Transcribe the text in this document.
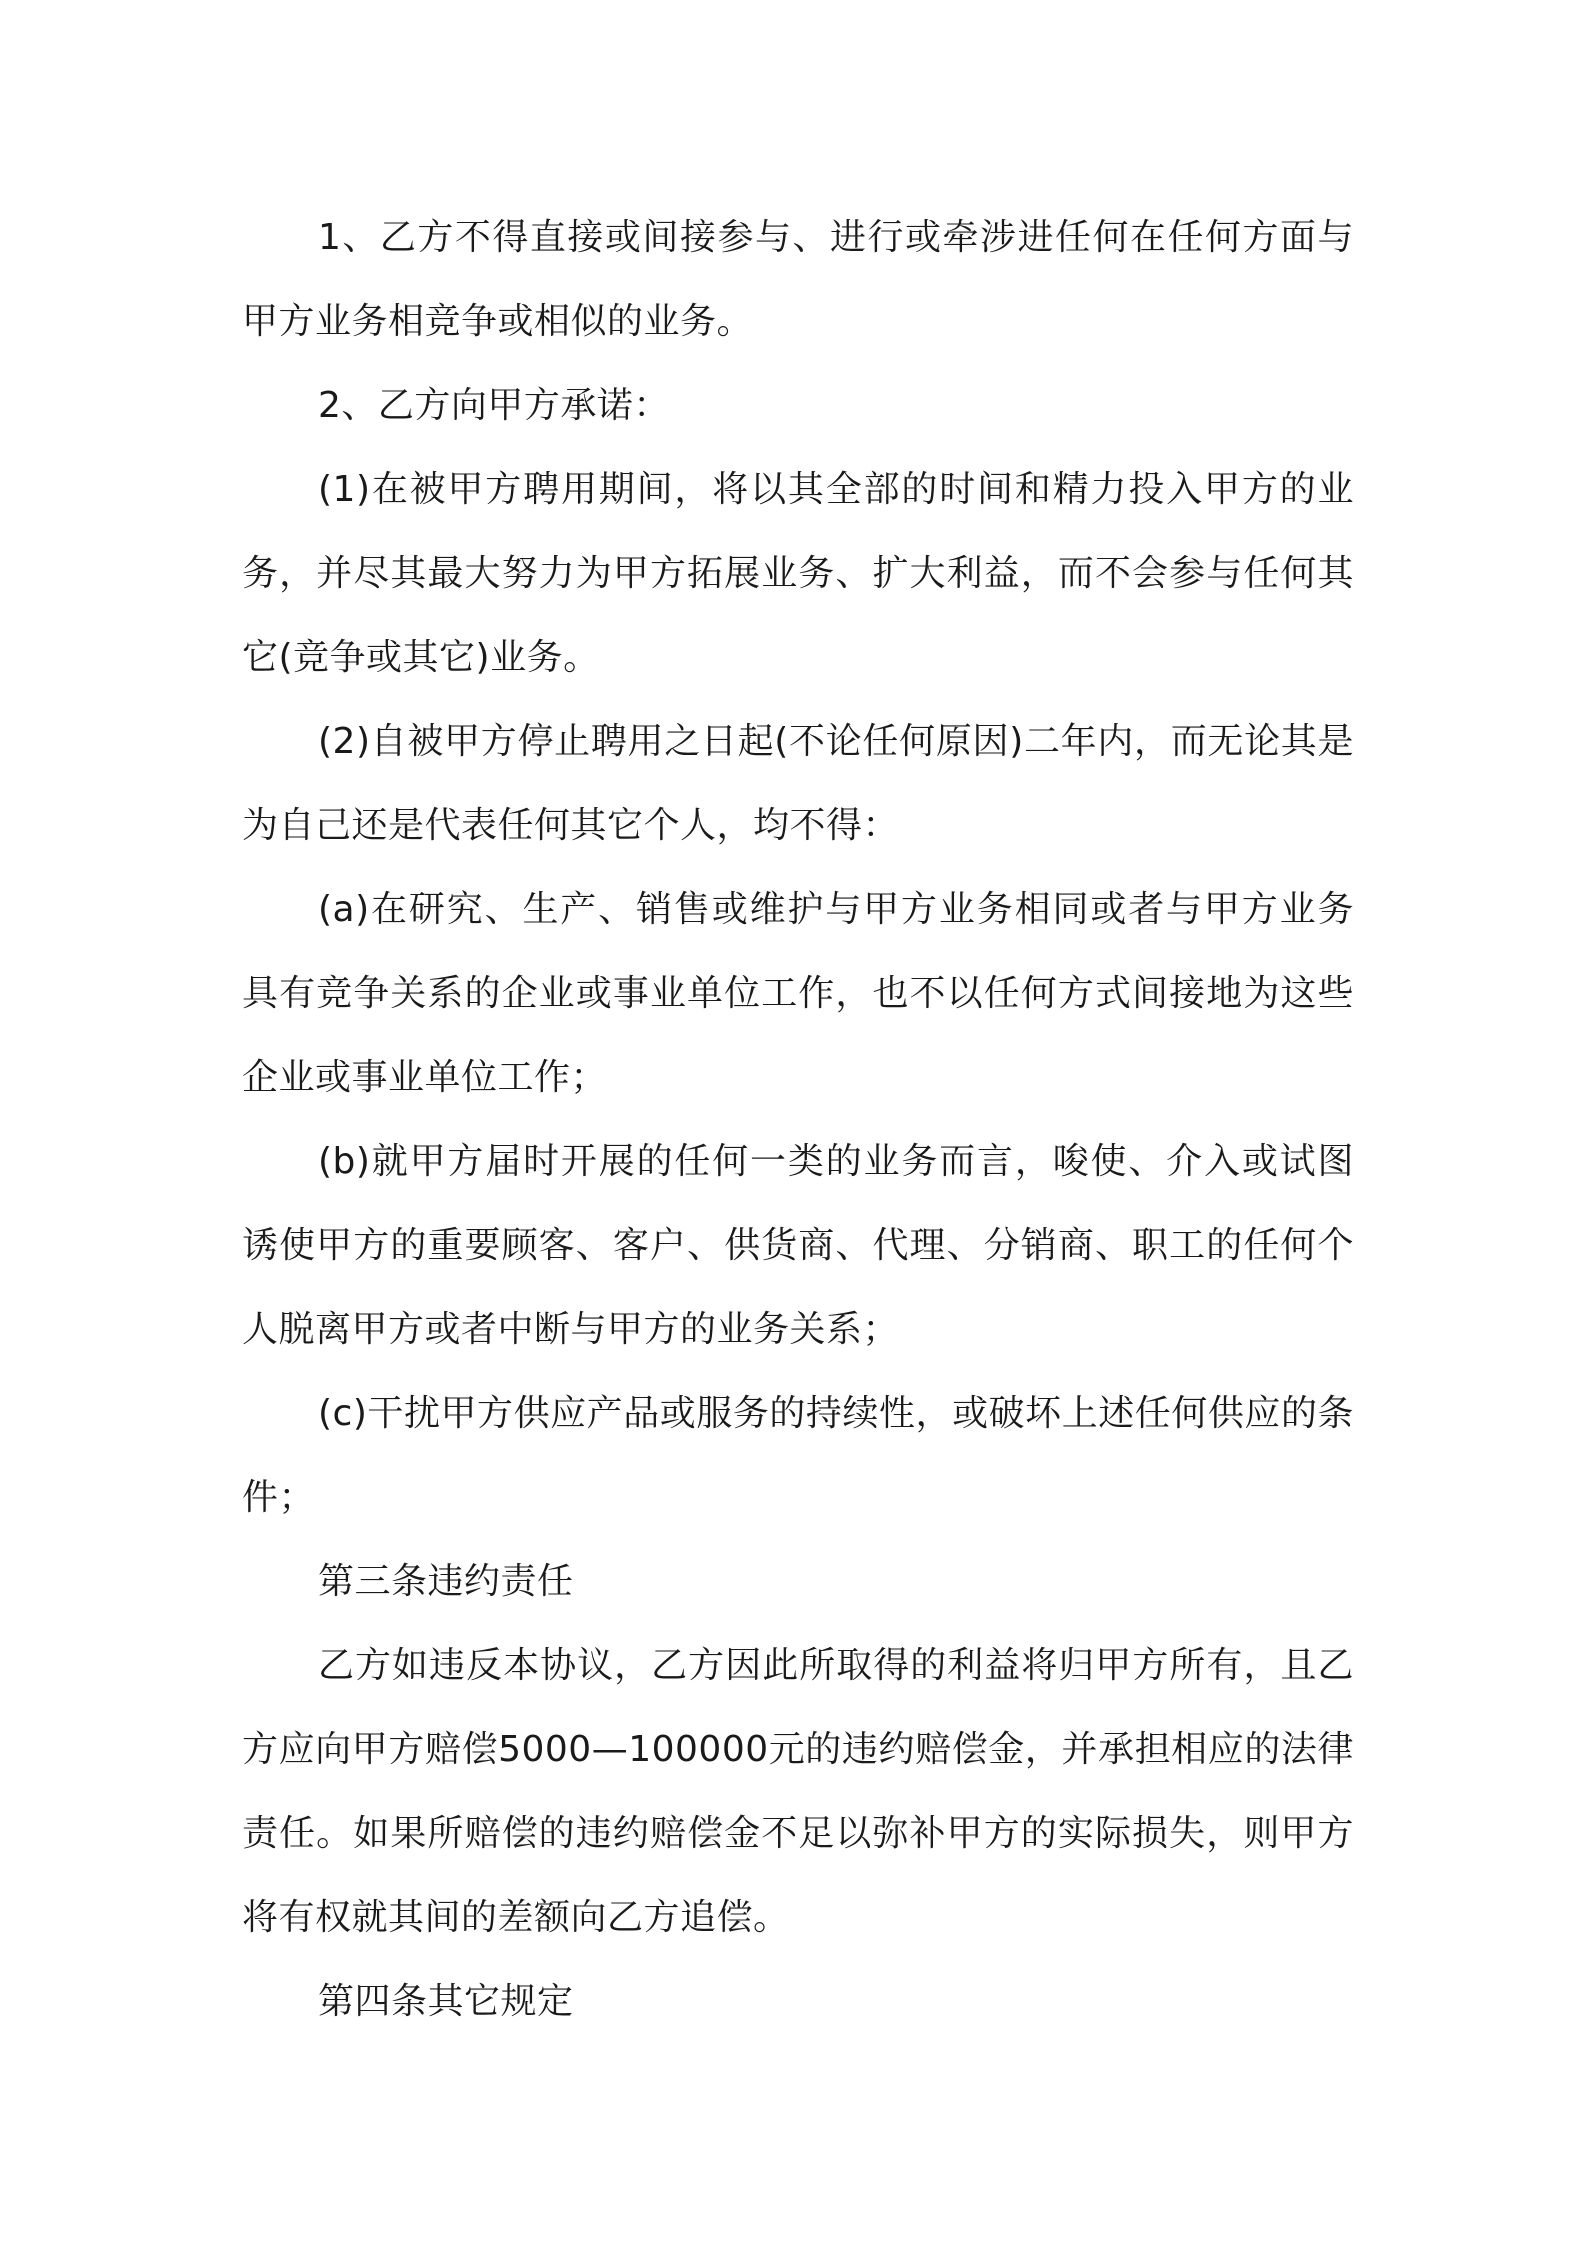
1、乙方不得直接或间接参与、进行或牵涉进任何在任何方面与甲方业务相竞争或相似的业务。

2、乙方向甲方承诺：

(1)在被甲方聘用期间，将以其全部的时间和精力投入甲方的业务，并尽其最大努力为甲方拓展业务、扩大利益，而不会参与任何其它(竞争或其它)业务。

(2)自被甲方停止聘用之日起(不论任何原因)二年内，而无论其是为自己还是代表任何其它个人，均不得：

(a)在研究、生产、销售或维护与甲方业务相同或者与甲方业务具有竞争关系的企业或事业单位工作，也不以任何方式间接地为这些企业或事业单位工作；

(b)就甲方届时开展的任何一类的业务而言，唆使、介入或试图诱使甲方的重要顾客、客户、供货商、代理、分销商、职工的任何个人脱离甲方或者中断与甲方的业务关系；

(c)干扰甲方供应产品或服务的持续性，或破坏上述任何供应的条件；

第三条违约责任

乙方如违反本协议，乙方因此所取得的利益将归甲方所有，且乙方应向甲方赔偿5000—100000元的违约赔偿金，并承担相应的法律责任。如果所赔偿的违约赔偿金不足以弥补甲方的实际损失，则甲方将有权就其间的差额向乙方追偿。

第四条其它规定
